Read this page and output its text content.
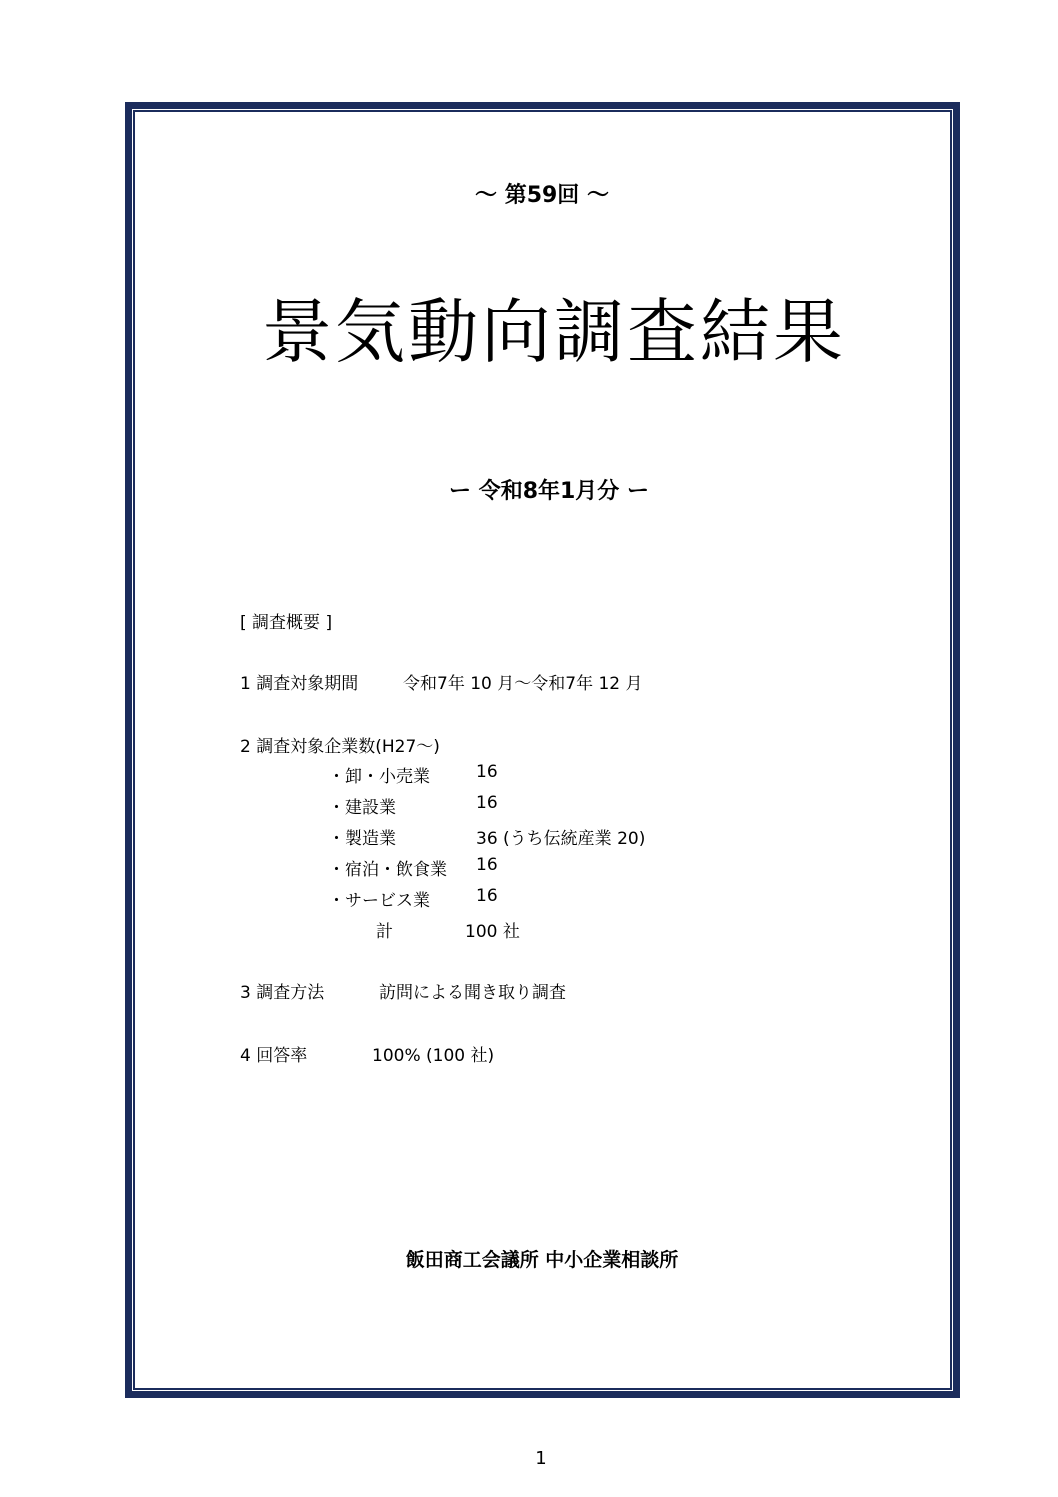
～ 第59回 ～
景気動向調査結果
ー 令和8年1月分 ー
[ 調査概要 ]
1 調査対象期間	令和7年 10 月～令和7年 12 月
2 調査対象企業数(H27～)
・卸・小売業	16
・建設業	16
・製造業	36 (うち伝統産業 20)
・宿泊・飲食業 16
・サービス業	16
計	100 社
3 調査方法	訪問による聞き取り調査
4 回答率	100% (100 社)
飯田商工会議所 中小企業相談所
1
